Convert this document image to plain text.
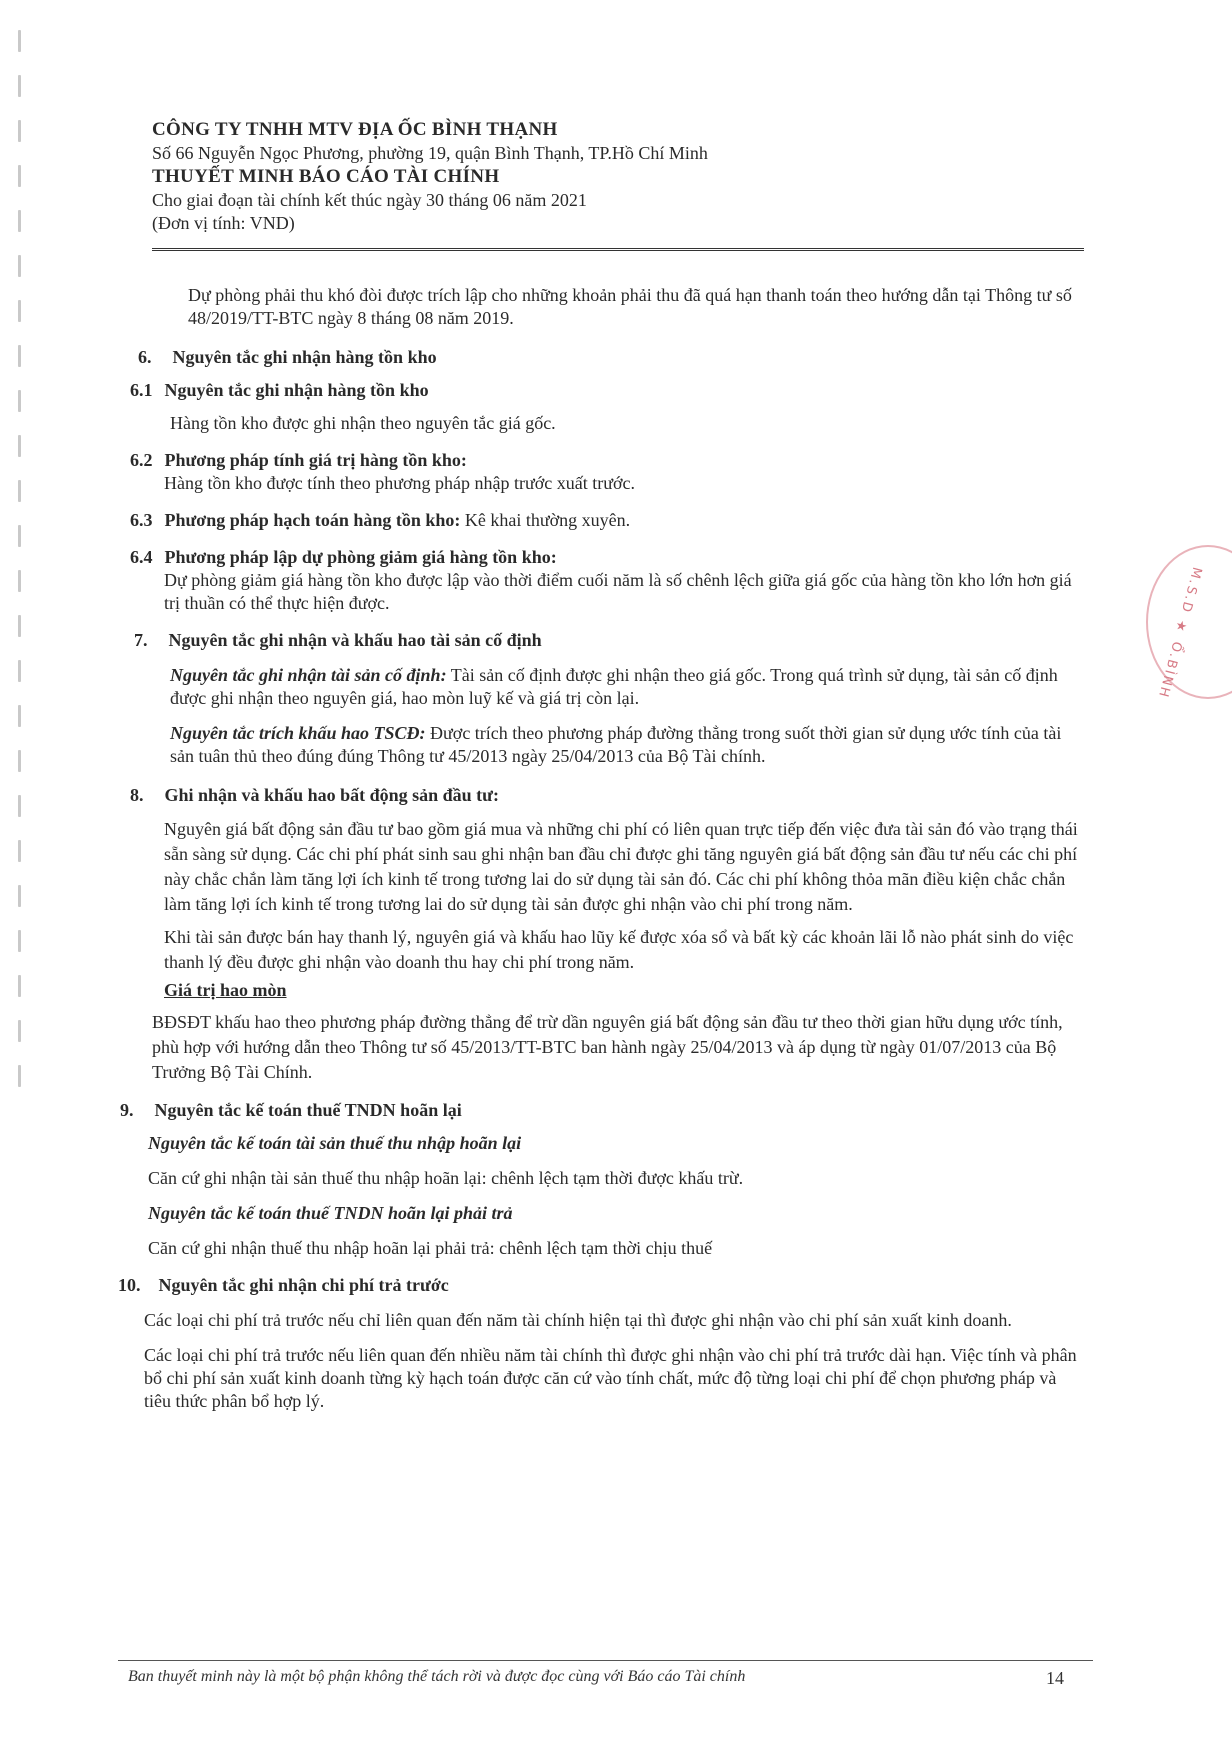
CÔNG TY TNHH MTV ĐỊA ỐC BÌNH THẠNH
Số 66 Nguyễn Ngọc Phương, phường 19, quận Bình Thạnh, TP.Hồ Chí Minh
THUYẾT MINH BÁO CÁO TÀI CHÍNH
Cho giai đoạn tài chính kết thúc ngày 30 tháng 06 năm 2021
(Đơn vị tính: VND)

Dự phòng phải thu khó đòi được trích lập cho những khoản phải thu đã quá hạn thanh toán theo hướng dẫn tại Thông tư số 48/2019/TT-BTC ngày 8 tháng 08 năm 2019.

6. Nguyên tắc ghi nhận hàng tồn kho

6.1 Nguyên tắc ghi nhận hàng tồn kho

Hàng tồn kho được ghi nhận theo nguyên tắc giá gốc.

6.2 Phương pháp tính giá trị hàng tồn kho:

Hàng tồn kho được tính theo phương pháp nhập trước xuất trước.

6.3 Phương pháp hạch toán hàng tồn kho: Kê khai thường xuyên.

6.4 Phương pháp lập dự phòng giảm giá hàng tồn kho:

Dự phòng giảm giá hàng tồn kho được lập vào thời điểm cuối năm là số chênh lệch giữa giá gốc của hàng tồn kho lớn hơn giá trị thuần có thể thực hiện được.

7. Nguyên tắc ghi nhận và khấu hao tài sản cố định

Nguyên tắc ghi nhận tài sản cố định: Tài sản cố định được ghi nhận theo giá gốc. Trong quá trình sử dụng, tài sản cố định được ghi nhận theo nguyên giá, hao mòn luỹ kế và giá trị còn lại.

Nguyên tắc trích khấu hao TSCĐ: Được trích theo phương pháp đường thẳng trong suốt thời gian sử dụng ước tính của tài sản tuân thủ theo đúng đúng Thông tư 45/2013 ngày 25/04/2013 của Bộ Tài chính.

8. Ghi nhận và khấu hao bất động sản đầu tư:

Nguyên giá bất động sản đầu tư bao gồm giá mua và những chi phí có liên quan trực tiếp đến việc đưa tài sản đó vào trạng thái sẵn sàng sử dụng. Các chi phí phát sinh sau ghi nhận ban đầu chỉ được ghi tăng nguyên giá bất động sản đầu tư nếu các chi phí này chắc chắn làm tăng lợi ích kinh tế trong tương lai do sử dụng tài sản đó. Các chi phí không thỏa mãn điều kiện chắc chắn làm tăng lợi ích kinh tế trong tương lai do sử dụng tài sản được ghi nhận vào chi phí trong năm.

Khi tài sản được bán hay thanh lý, nguyên giá và khấu hao lũy kế được xóa sổ và bất kỳ các khoản lãi lỗ nào phát sinh do việc thanh lý đều được ghi nhận vào doanh thu hay chi phí trong năm.

Giá trị hao mòn

BĐSĐT khấu hao theo phương pháp đường thẳng để trừ dần nguyên giá bất động sản đầu tư theo thời gian hữu dụng ước tính, phù hợp với hướng dẫn theo Thông tư số 45/2013/TT-BTC ban hành ngày 25/04/2013 và áp dụng từ ngày 01/07/2013 của Bộ Trưởng Bộ Tài Chính.

9. Nguyên tắc kế toán thuế TNDN hoãn lại

Nguyên tắc kế toán tài sản thuế thu nhập hoãn lại

Căn cứ ghi nhận tài sản thuế thu nhập hoãn lại: chênh lệch tạm thời được khấu trừ.

Nguyên tắc kế toán thuế TNDN hoãn lại phải trả

Căn cứ ghi nhận thuế thu nhập hoãn lại phải trả: chênh lệch tạm thời chịu thuế

10. Nguyên tắc ghi nhận chi phí trả trước

Các loại chi phí trả trước nếu chỉ liên quan đến năm tài chính hiện tại thì được ghi nhận vào chi phí sản xuất kinh doanh.

Các loại chi phí trả trước nếu liên quan đến nhiều năm tài chính thì được ghi nhận vào chi phí trả trước dài hạn. Việc tính và phân bổ chi phí sản xuất kinh doanh từng kỳ hạch toán được căn cứ vào tính chất, mức độ từng loại chi phí để chọn phương pháp và tiêu thức phân bổ hợp lý.

M.S.D ★ Ổ.BÌNH
Ban thuyết minh này là một bộ phận không thể tách rời và được đọc cùng với Báo cáo Tài chính	14
